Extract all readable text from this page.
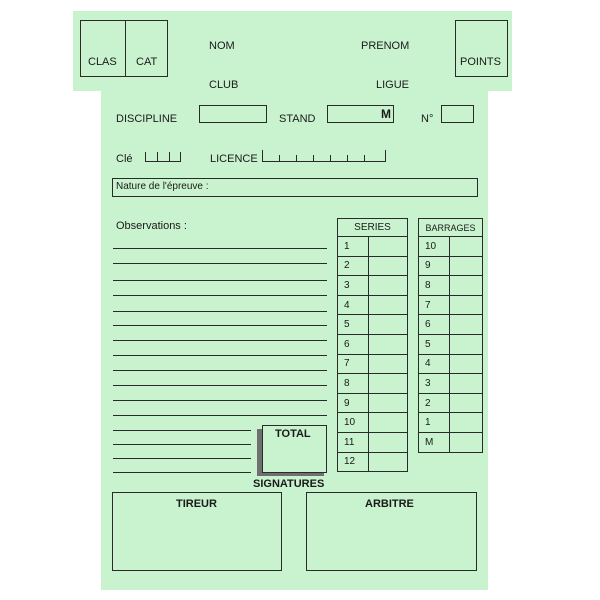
CLAS CAT
NOM	PRENOM
POINTS
CLUB	LIGUE
DISCIPLINE	STAND	M	N°
Clé	LICENCE
Nature de l'épreuve :
Observations :	SERIES	
1	
2	
3	
4	
5	
6	
7	
8	
9	
10	
11	
12	
BARRAGES	
10	
9	
8	
7	
6	
5	
4	
3	
2	
1	
M	
TOTAL
SIGNATURES
TIREUR	ARBITRE
